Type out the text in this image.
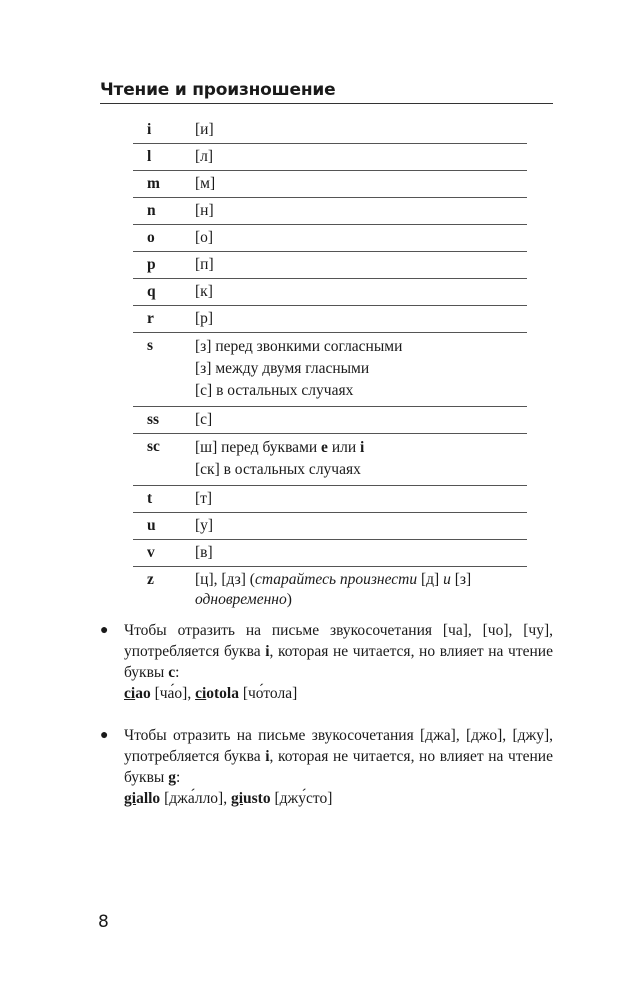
Чтение и произношение
i	[и]
l	[л]
m	[м]
n	[н]
o	[о]
p	[п]
q	[к]
r	[р]
s	[з] перед звонкими согласными
[з] между двумя гласными
[с] в остальных случаях
ss	[с]
sc	[ш] перед буквами e или i
[ск] в остальных случаях
t	[т]
u	[у]
v	[в]
z	[ц], [дз] (старайтесь произнести [д] и [з]
одновременно)
●	Чтобы отразить на письме звукосочетания [ча], [чо], [чу], употребляется буква i, которая не читается, но влияет на чтение буквы c:
ciao [ча́о], ciotola [чо́тола]
●	Чтобы отразить на письме звукосочетания [джа], [джо], [джу], употребляется буква i, которая не читается, но влияет на чтение буквы g:
giallo [джа́лло], giusto [джу́сто]
8
